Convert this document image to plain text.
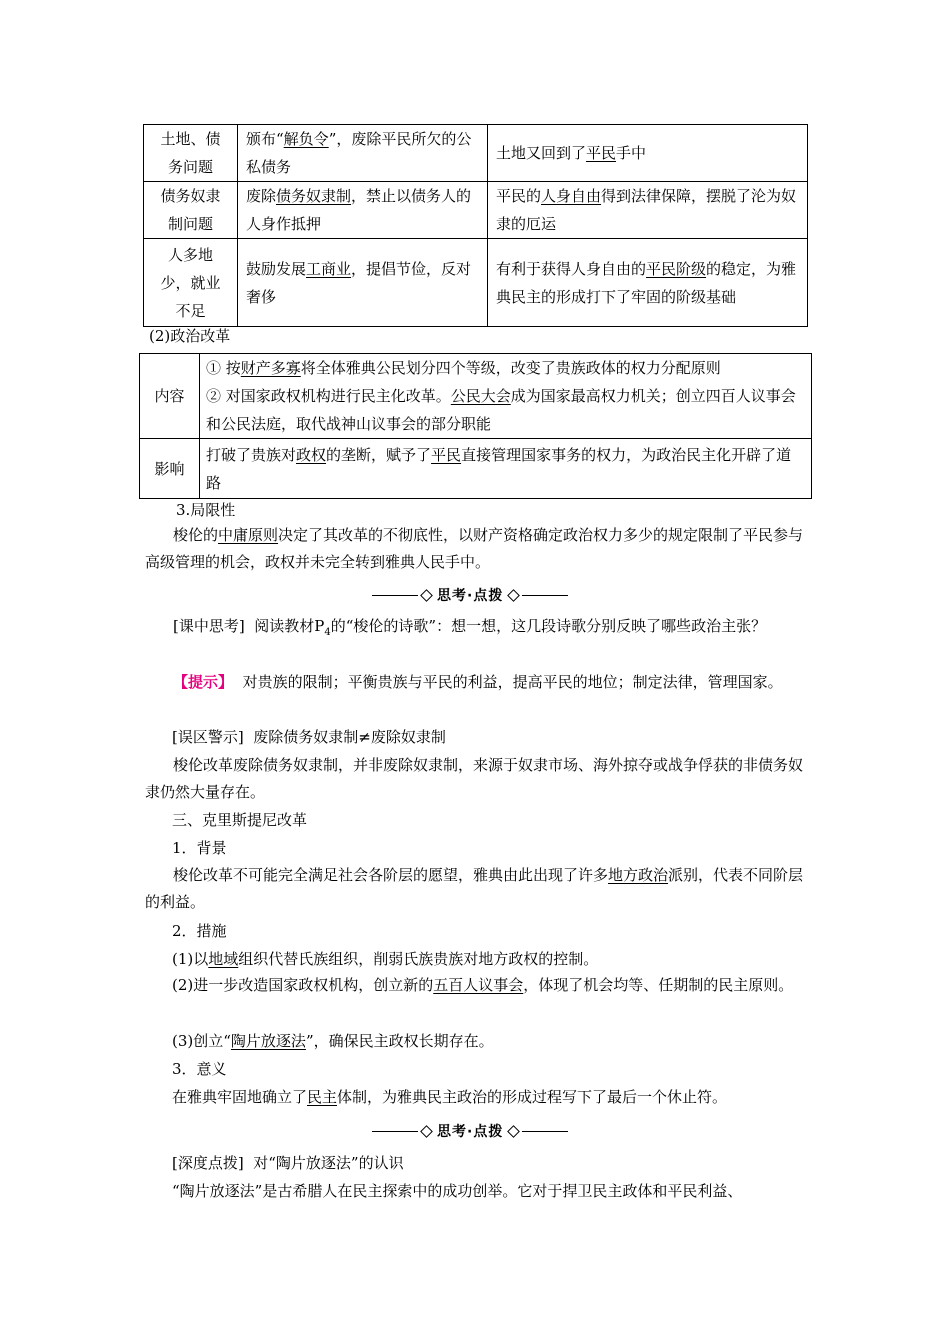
土地、债务问题	颁布“解负令”，废除平民所欠的公私债务	土地又回到了平民手中

债务奴隶制问题	废除债务奴隶制，禁止以债务人的人身作抵押	平民的人身自由得到法律保障，摆脱了沦为奴隶的厄运

人多地少，就业不足	鼓励发展工商业，提倡节俭，反对奢侈	有利于获得人身自由的平民阶级的稳定，为雅典民主的形成打下了牢固的阶级基础
(2)政治改革
内容	① 按财产多寡将全体雅典公民划分四个等级，改变了贵族政体的权力分配原则
② 对国家政权机构进行民主化改革。公民大会成为国家最高权力机关；创立四百人议事会和公民法庭，取代战神山议事会的部分职能

影响	打破了贵族对政权的垄断，赋予了平民直接管理国家事务的权力，为政治民主化开辟了道路
3.局限性
梭伦的中庸原则决定了其改革的不彻底性，以财产资格确定政治权力多少的规定限制了平民参与高级管理的机会，政权并未完全转到雅典人民手中。
思考·点拨
[课中思考] 阅读教材$P_4$的“梭伦的诗歌”：想一想，这几段诗歌分别反映了哪些政治主张？
【提示】 对贵族的限制；平衡贵族与平民的利益，提高平民的地位；制定法律，管理国家。
[误区警示] 废除债务奴隶制≠废除奴隶制
梭伦改革废除债务奴隶制，并非废除奴隶制，来源于奴隶市场、海外掠夺或战争俘获的非债务奴隶仍然大量存在。
三、克里斯提尼改革
1．背景
梭伦改革不可能完全满足社会各阶层的愿望，雅典由此出现了许多地方政治派别，代表不同阶层的利益。
2．措施
(1)以地域组织代替氏族组织，削弱氏族贵族对地方政权的控制。
(2)进一步改造国家政权机构，创立新的五百人议事会，体现了机会均等、任期制的民主原则。
(3)创立“陶片放逐法”，确保民主政权长期存在。
3．意义
在雅典牢固地确立了民主体制，为雅典民主政治的形成过程写下了最后一个休止符。
思考·点拨
[深度点拨] 对“陶片放逐法”的认识
“陶片放逐法”是古希腊人在民主探索中的成功创举。它对于捍卫民主政体和平民利益、
